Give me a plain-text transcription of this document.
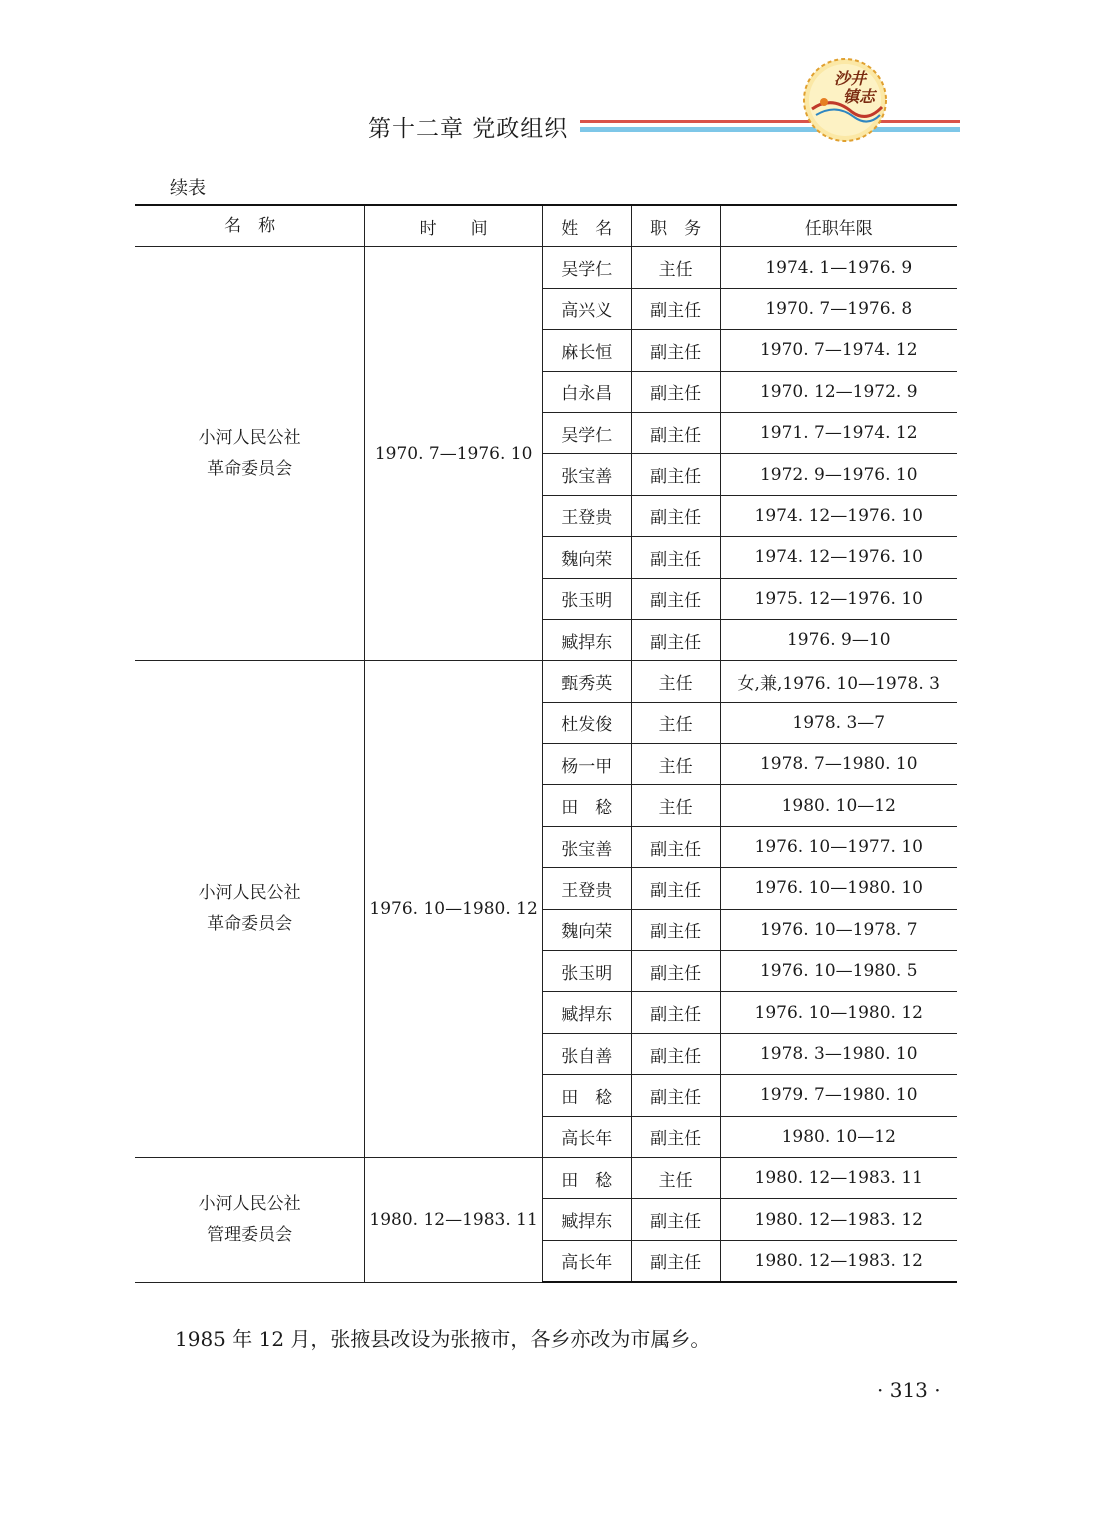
第十二章 党政组织
沙井
镇志
续表
名　称	时　　间	姓　名	职　务	任职年限

小河人民公社
革命委员会	1970. 7—1976. 10	吴学仁	主任	1974. 1—1976. 9
		高兴义	副主任	1970. 7—1976. 8
		麻长恒	副主任	1970. 7—1974. 12
		白永昌	副主任	1970. 12—1972. 9
		吴学仁	副主任	1971. 7—1974. 12
		张宝善	副主任	1972. 9—1976. 10
		王登贵	副主任	1974. 12—1976. 10
		魏向荣	副主任	1974. 12—1976. 10
		张玉明	副主任	1975. 12—1976. 10
		臧捍东	副主任	1976. 9—10

小河人民公社
革命委员会	1976. 10—1980. 12	甄秀英	主任	女,兼,1976. 10—1978. 3
		杜发俊	主任	1978. 3—7
		杨一甲	主任	1978. 7—1980. 10
		田　稔	主任	1980. 10—12
		张宝善	副主任	1976. 10—1977. 10
		王登贵	副主任	1976. 10—1980. 10
		魏向荣	副主任	1976. 10—1978. 7
		张玉明	副主任	1976. 10—1980. 5
		臧捍东	副主任	1976. 10—1980. 12
		张自善	副主任	1978. 3—1980. 10
		田　稔	副主任	1979. 7—1980. 10
		高长年	副主任	1980. 10—12

小河人民公社
管理委员会	1980. 12—1983. 11	田　稔	主任	1980. 12—1983. 11
		臧捍东	副主任	1980. 12—1983. 12
		高长年	副主任	1980. 12—1983. 12
1985 年 12 月，张掖县改设为张掖市，各乡亦改为市属乡。
· 313 ·
